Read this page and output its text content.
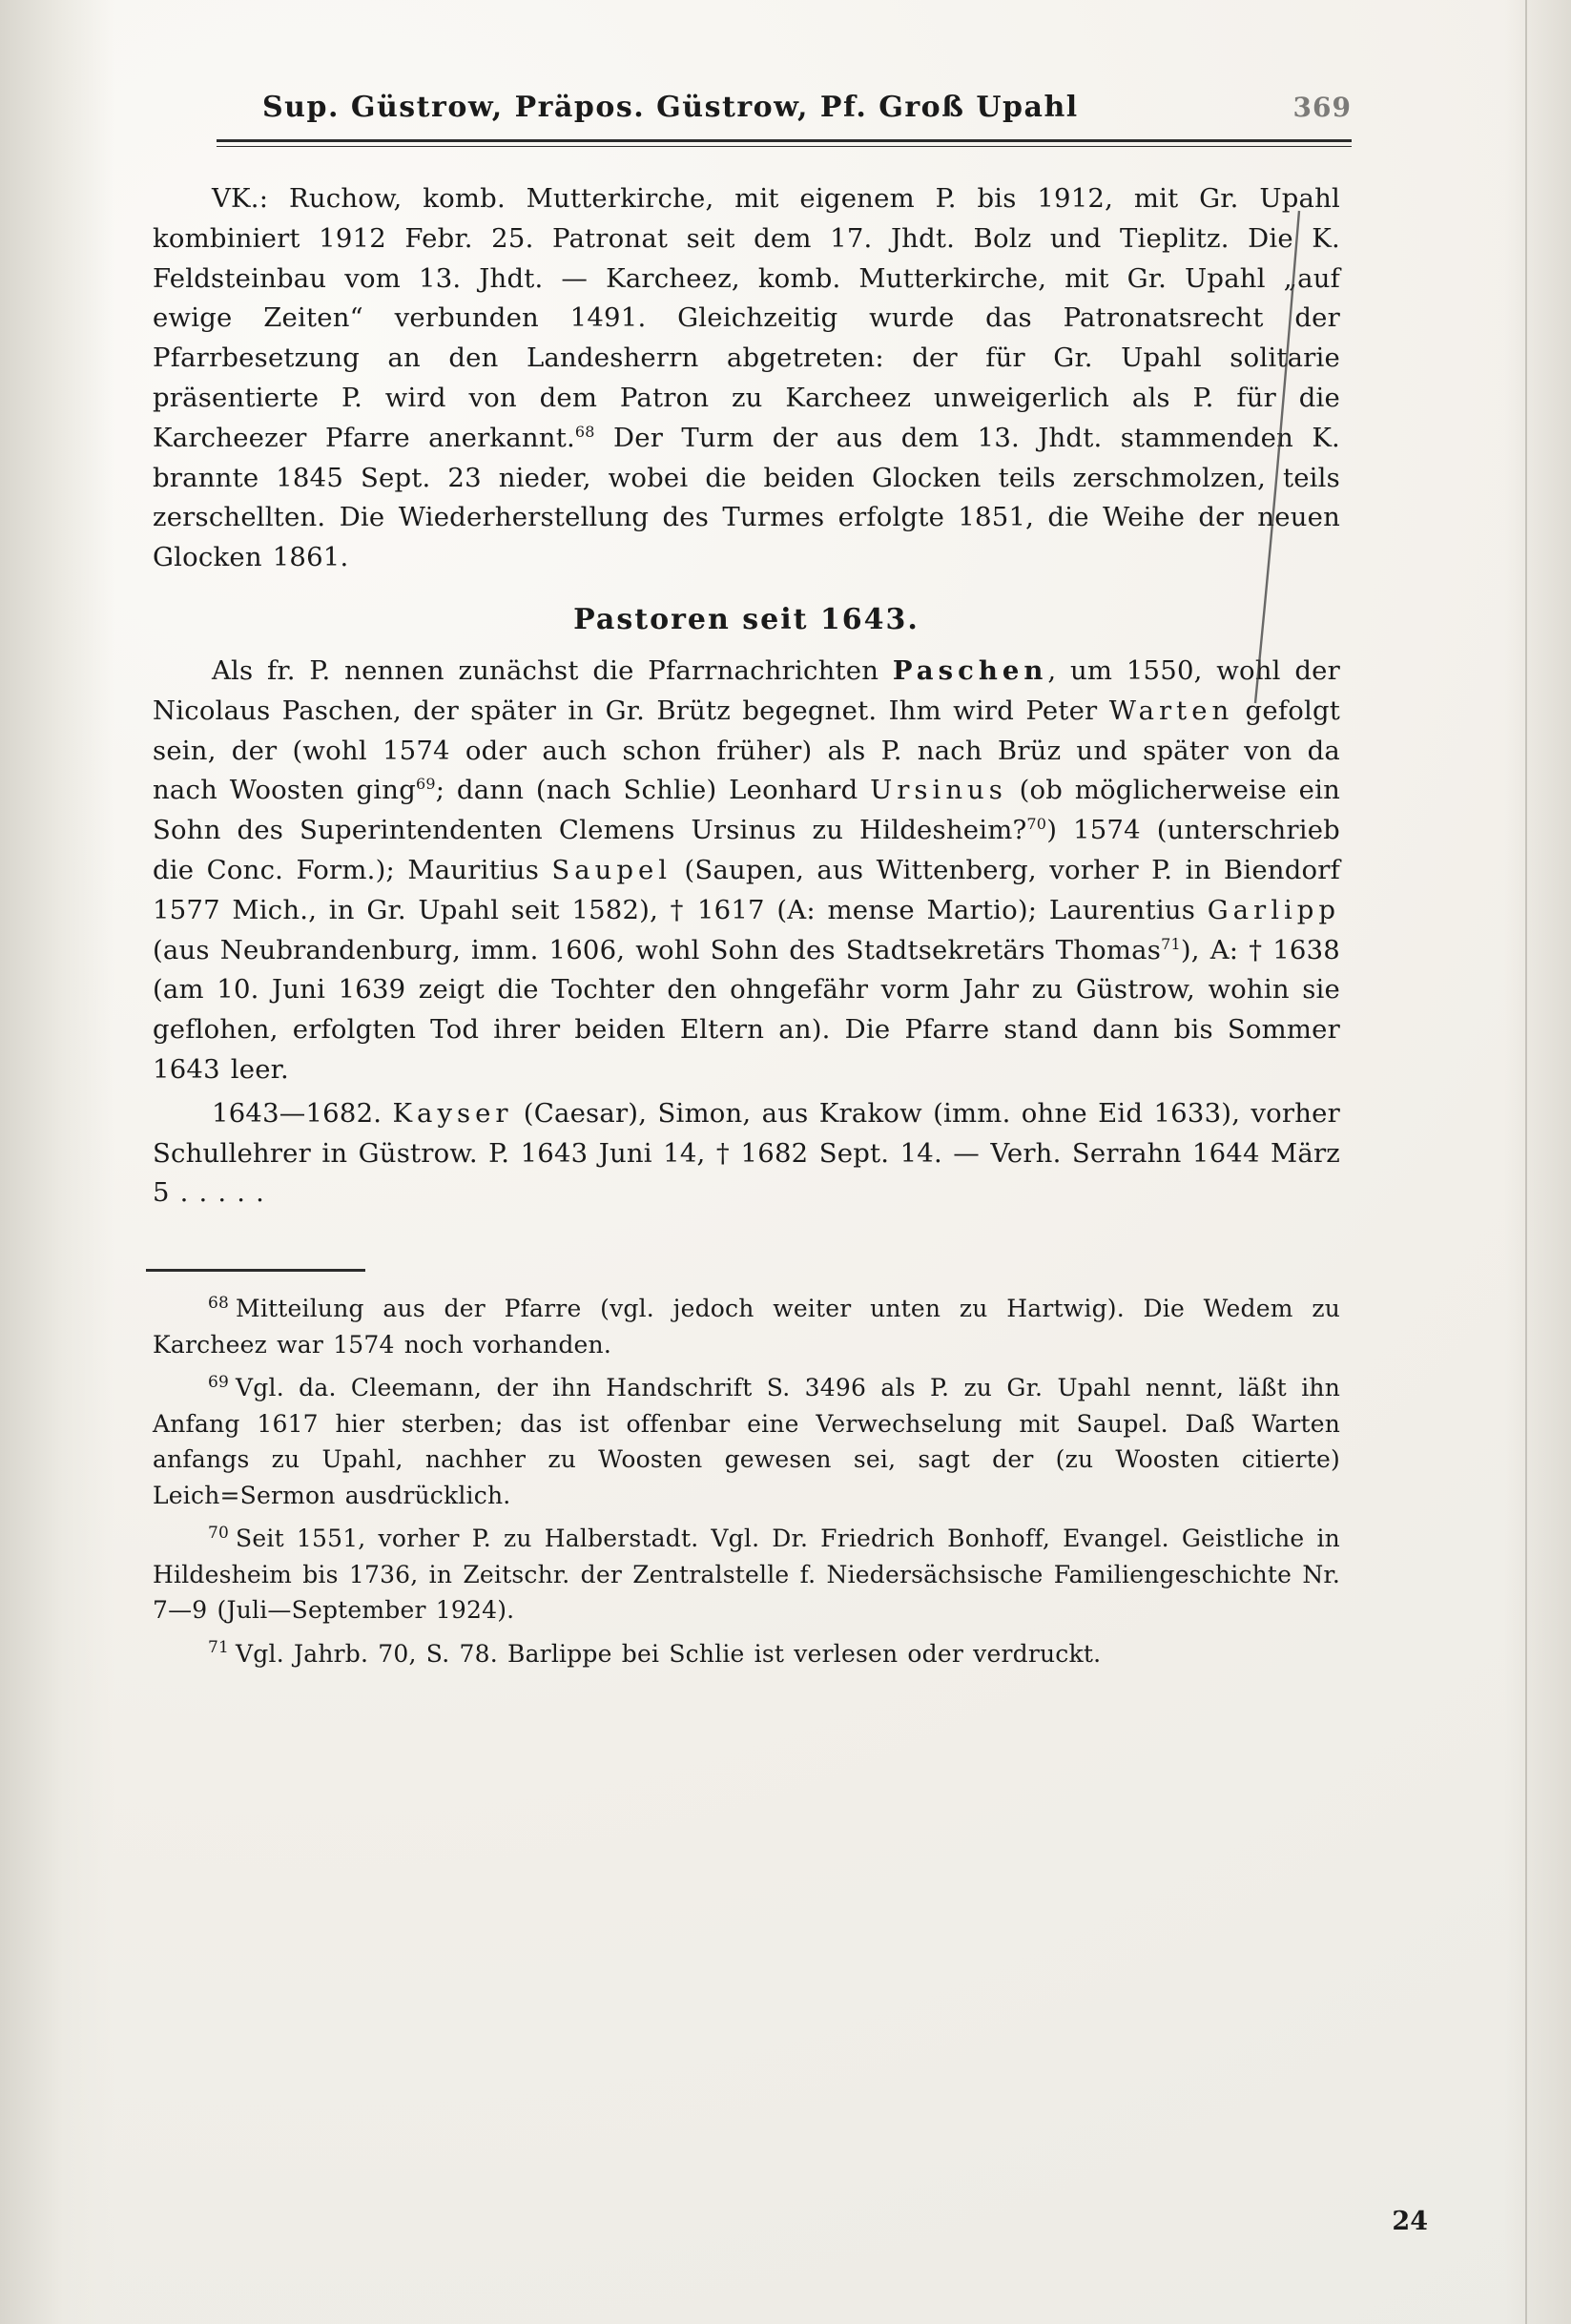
Sup. Güstrow, Präpos. Güstrow, Pf. Groß Upahl	369

VK.: Ruchow, komb. Mutterkirche, mit eigenem P. bis 1912, mit Gr. Upahl kombiniert 1912 Febr. 25. Patronat seit dem 17. Jhdt. Bolz und Tieplitz. Die K. Feldsteinbau vom 13. Jhdt. — Karcheez, komb. Mutterkirche, mit Gr. Upahl „auf ewige Zeiten“ verbunden 1491. Gleichzeitig wurde das Patronatsrecht der Pfarrbesetzung an den Landesherrn abgetreten: der für Gr. Upahl solitarie präsentierte P. wird von dem Patron zu Karcheez unweigerlich als P. für die Karcheezer Pfarre anerkannt.$^{68}$ Der Turm der aus dem 13. Jhdt. stammenden K. brannte 1845 Sept. 23 nieder, wobei die beiden Glocken teils zerschmolzen, teils zerschellten. Die Wiederherstellung des Turmes erfolgte 1851, die Weihe der neuen Glocken 1861.

Pastoren seit 1643.

Als fr. P. nennen zunächst die Pfarrnachrichten Paschen, um 1550, wohl der Nicolaus Paschen, der später in Gr. Brütz begegnet. Ihm wird Peter Warten gefolgt sein, der (wohl 1574 oder auch schon früher) als P. nach Brüz und später von da nach Woosten ging$^{69}$; dann (nach Schlie) Leonhard Ursinus (ob möglicherweise ein Sohn des Superintendenten Clemens Ursinus zu Hildesheim?$^{70}$) 1574 (unterschrieb die Conc. Form.); Mauritius Saupel (Saupen, aus Wittenberg, vorher P. in Biendorf 1577 Mich., in Gr. Upahl seit 1582), † 1617 (A: mense Martio); Laurentius Garlipp (aus Neubrandenburg, imm. 1606, wohl Sohn des Stadtsekretärs Thomas$^{71}$), A: † 1638 (am 10. Juni 1639 zeigt die Tochter den ohngefähr vorm Jahr zu Güstrow, wohin sie geflohen, erfolgten Tod ihrer beiden Eltern an). Die Pfarre stand dann bis Sommer 1643 leer.

1643—1682. Kayser (Caesar), Simon, aus Krakow (imm. ohne Eid 1633), vorher Schullehrer in Güstrow. P. 1643 Juni 14, † 1682 Sept. 14. — Verh. Serrahn 1644 März 5 . . . . .

$^{68}$ Mitteilung aus der Pfarre (vgl. jedoch weiter unten zu Hartwig). Die Wedem zu Karcheez war 1574 noch vorhanden.

$^{69}$ Vgl. da. Cleemann, der ihn Handschrift S. 3496 als P. zu Gr. Upahl nennt, läßt ihn Anfang 1617 hier sterben; das ist offenbar eine Verwechselung mit Saupel. Daß Warten anfangs zu Upahl, nachher zu Woosten gewesen sei, sagt der (zu Woosten citierte) Leich=Sermon ausdrücklich.

$^{70}$ Seit 1551, vorher P. zu Halberstadt. Vgl. Dr. Friedrich Bonhoff, Evangel. Geistliche in Hildesheim bis 1736, in Zeitschr. der Zentralstelle f. Niedersächsische Familiengeschichte Nr. 7—9 (Juli—September 1924).

$^{71}$ Vgl. Jahrb. 70, S. 78. Barlippe bei Schlie ist verlesen oder verdruckt.

24
